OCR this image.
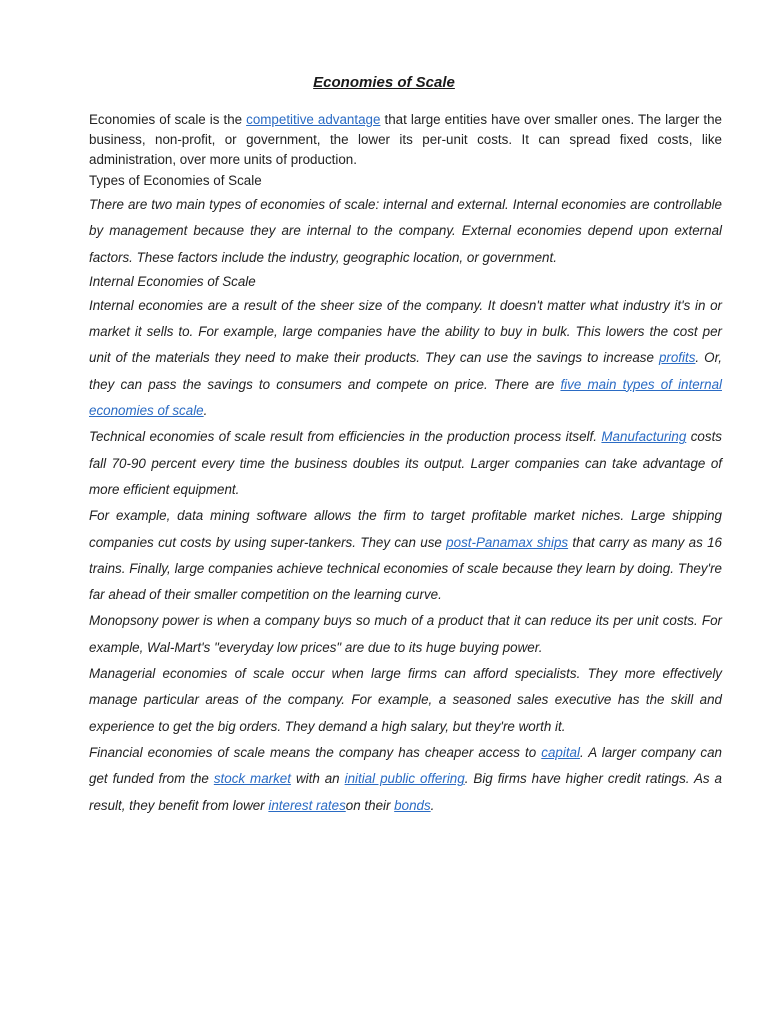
Economies of Scale

Economies of scale is the competitive advantage that large entities have over smaller ones. The larger the business, non-profit, or government, the lower its per-unit costs. It can spread fixed costs, like administration, over more units of production.

Types of Economies of Scale

There are two main types of economies of scale: internal and external. Internal economies are controllable by management because they are internal to the company. External economies depend upon external factors. These factors include the industry, geographic location, or government.

Internal Economies of Scale

Internal economies are a result of the sheer size of the company. It doesn't matter what industry it's in or market it sells to. For example, large companies have the ability to buy in bulk. This lowers the cost per unit of the materials they need to make their products. They can use the savings to increase profits. Or, they can pass the savings to consumers and compete on price. There are five main types of internal economies of scale.

Technical economies of scale result from efficiencies in the production process itself. Manufacturing costs fall 70-90 percent every time the business doubles its output. Larger companies can take advantage of more efficient equipment.

For example, data mining software allows the firm to target profitable market niches. Large shipping companies cut costs by using super-tankers. They can use post-Panamax ships that carry as many as 16 trains. Finally, large companies achieve technical economies of scale because they learn by doing. They're far ahead of their smaller competition on the learning curve.

Monopsony power is when a company buys so much of a product that it can reduce its per unit costs. For example, Wal-Mart's "everyday low prices" are due to its huge buying power.

Managerial economies of scale occur when large firms can afford specialists. They more effectively manage particular areas of the company. For example, a seasoned sales executive has the skill and experience to get the big orders. They demand a high salary, but they're worth it.

Financial economies of scale means the company has cheaper access to capital. A larger company can get funded from the stock market with an initial public offering. Big firms have higher credit ratings. As a result, they benefit from lower interest rateson their bonds.
